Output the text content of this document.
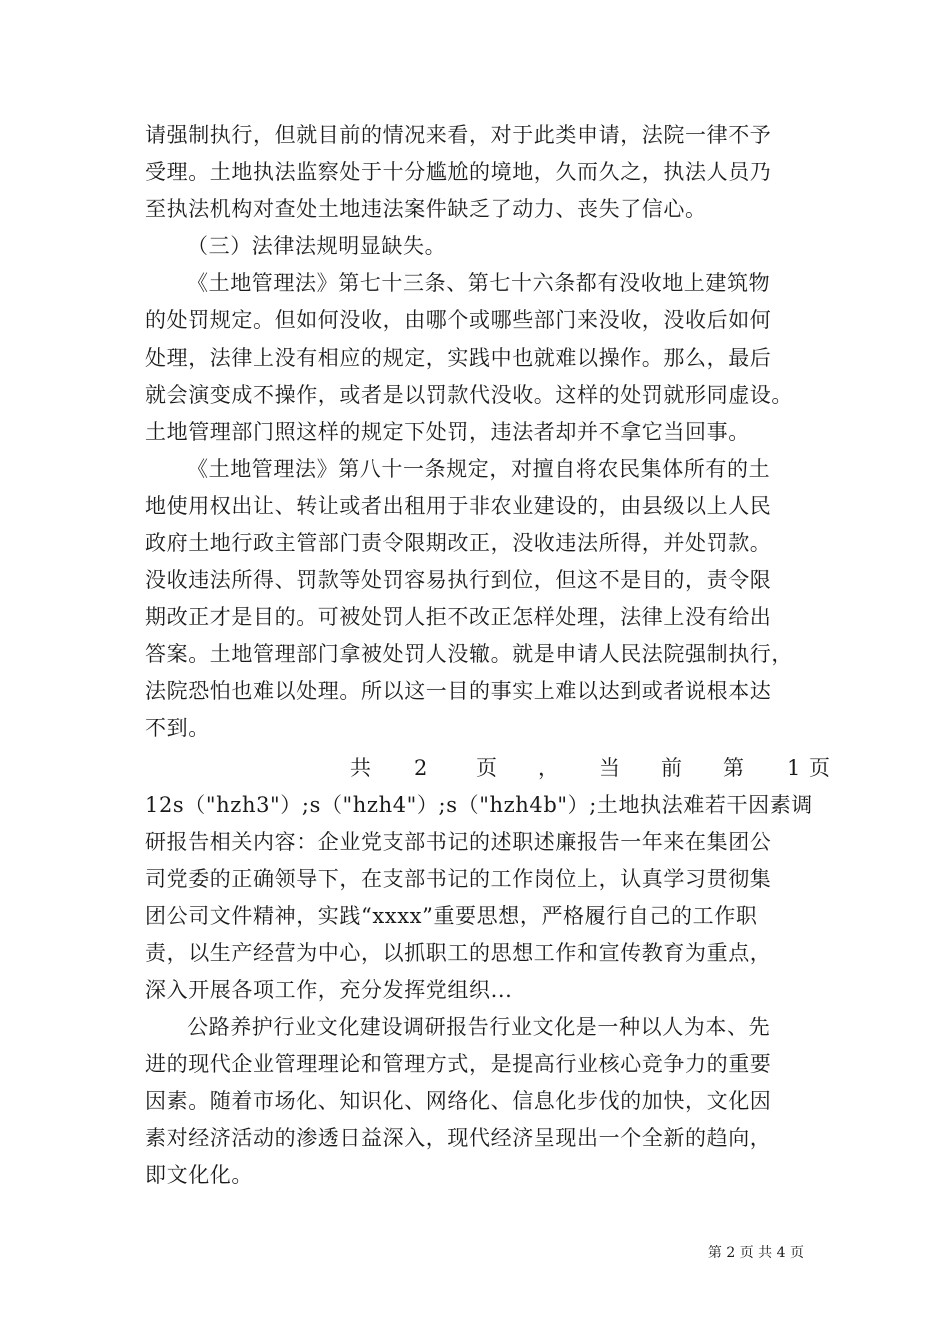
请强制执行，但就目前的情况来看，对于此类申请，法院一律不予
受理。土地执法监察处于十分尴尬的境地，久而久之，执法人员乃
至执法机构对查处土地违法案件缺乏了动力、丧失了信心。
（三）法律法规明显缺失。
《土地管理法》第七十三条、第七十六条都有没收地上建筑物
的处罚规定。但如何没收，由哪个或哪些部门来没收，没收后如何
处理，法律上没有相应的规定，实践中也就难以操作。那么，最后
就会演变成不操作，或者是以罚款代没收。这样的处罚就形同虚设。
土地管理部门照这样的规定下处罚，违法者却并不拿它当回事。
《土地管理法》第八十一条规定，对擅自将农民集体所有的土
地使用权出让、转让或者出租用于非农业建设的，由县级以上人民
政府土地行政主管部门责令限期改正，没收违法所得，并处罚款。
没收违法所得、罚款等处罚容易执行到位，但这不是目的，责令限
期改正才是目的。可被处罚人拒不改正怎样处理，法律上没有给出
答案。土地管理部门拿被处罚人没辙。就是申请人民法院强制执行，
法院恐怕也难以处理。所以这一目的事实上难以达到或者说根本达
不到。
共 2 页 ， 当 前 第 1 页
12s（"hzh3"）;s（"hzh4"）;s（"hzh4b"）;土地执法难若干因素调
研报告相关内容：企业党支部书记的述职述廉报告一年来在集团公
司党委的正确领导下，在支部书记的工作岗位上，认真学习贯彻集
团公司文件精神，实践“xxxx”重要思想，严格履行自己的工作职
责，以生产经营为中心，以抓职工的思想工作和宣传教育为重点，
深入开展各项工作，充分发挥党组织...
公路养护行业文化建设调研报告行业文化是一种以人为本、先
进的现代企业管理理论和管理方式，是提高行业核心竞争力的重要
因素。随着市场化、知识化、网络化、信息化步伐的加快，文化因
素对经济活动的渗透日益深入，现代经济呈现出一个全新的趋向，
即文化化。
第 2 页 共 4 页
